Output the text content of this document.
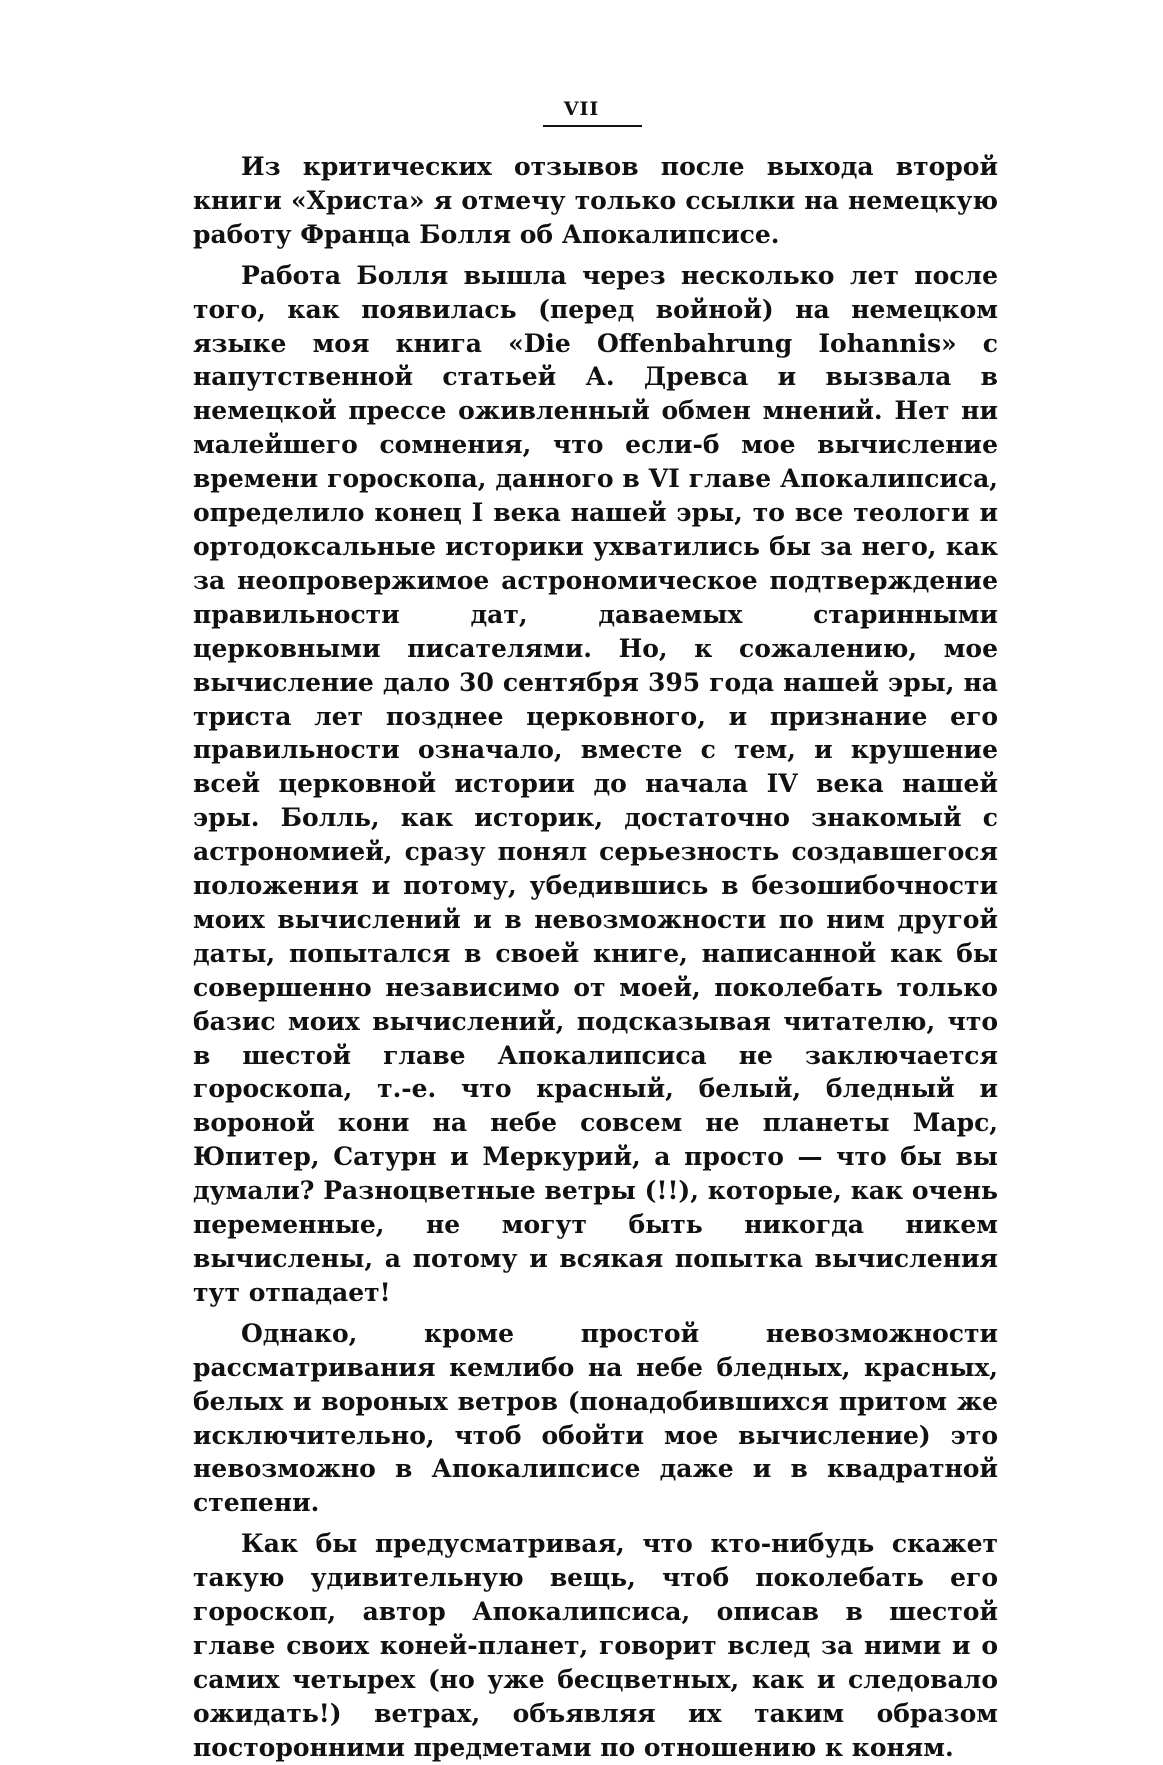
VII

Из критических отзывов после выхода второй книги «Христа» я отмечу только ссылки на немецкую работу Франца Болля об Апокалипсисе.

Работа Болля вышла через несколько лет после того, как появилась (перед войной) на немецком языке моя книга «Die Offenbahrung Iohannis» с напутственной статьей А. Древса и вызвала в немецкой прессе оживленный обмен мнений. Нет ни малейшего сомнения, что если-б мое вычисление времени гороскопа, данного в VI главе Апокалипсиса, определило конец I века нашей эры, то все теологи и ортодоксальные историки ухватились бы за него, как за неопровержимое астрономическое подтверждение правильности дат, даваемых старинными церковными писателями. Но, к сожалению, мое вычисление дало 30 сентября 395 года нашей эры, на триста лет позднее церковного, и признание его правильности означало, вместе с тем, и крушение всей церковной истории до начала IV века нашей эры. Болль, как историк, достаточно знакомый с астрономией, сразу понял серьезность создавшегося положения и потому, убедившись в безошибочности моих вычислений и в невозможности по ним другой даты, попытался в своей книге, написанной как бы совершенно независимо от моей, поколебать только базис моих вычислений, подсказывая читателю, что в шестой главе Апокалипсиса не заключается гороскопа, т.-е. что красный, белый, бледный и вороной кони на небе совсем не планеты Марс, Юпитер, Сатурн и Меркурий, а просто — что бы вы думали? Разноцветные ветры (!!), которые, как очень переменные, не могут быть никогда никем вычислены, а потому и всякая попытка вычисления тут отпадает!

Однако, кроме простой невозможности рассматривания кемлибо на небе бледных, красных, белых и вороных ветров (понадобившихся притом же исключительно, чтоб обойти мое вычисление) это невозможно в Апокалипсисе даже и в квадратной степени.

Как бы предусматривая, что кто-нибудь скажет такую удивительную вещь, чтоб поколебать его гороскоп, автор Апокалипсиса, описав в шестой главе своих коней-планет, говорит вслед за ними и о самих четырех (но уже бесцветных, как и следовало ожидать!) ветрах, объявляя их таким образом посторонними предметами по отношению к коням.
